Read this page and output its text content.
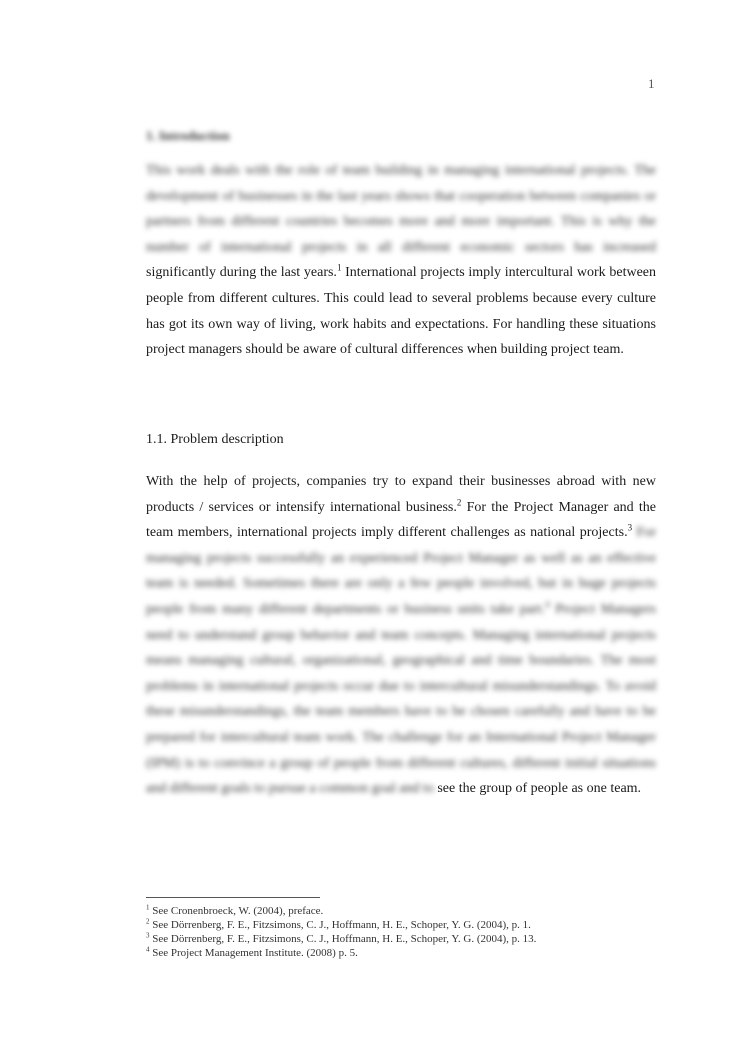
1
1. Introduction

This work deals with the role of team building in managing international projects. The development of businesses in the last years shows that cooperation between companies or partners from different countries becomes more and more important. This is why the number of international projects in all different economic sectors has increased significantly during the last years.$^1$ International projects imply intercultural work between people from different cultures. This could lead to several problems because every culture has got its own way of living, work habits and expectations. For handling these situations project managers should be aware of cultural differences when building project team.

1.1. Problem description

With the help of projects, companies try to expand their businesses abroad with new products / services or intensify international business.$^2$ For the Project Manager and the team members, international projects imply different challenges as national projects.$^3$ For managing projects successfully an experienced Project Manager as well as an effective team is needed. Sometimes there are only a few people involved, but in huge projects people from many different departments or business units take part.$^4$ Project Managers need to understand group behavior and team concepts. Managing international projects means managing cultural, organizational, geographical and time boundaries. The most problems in international projects occur due to intercultural misunderstandings. To avoid these misunderstandings, the team members have to be chosen carefully and have to be prepared for intercultural team work. The challenge for an International Project Manager (IPM) is to convince a group of people from different cultures, different initial situations and different goals to pursue a common goal and to see the group of people as one team.

$^1$ See Cronenbroeck, W. (2004), preface.
$^2$ See Dörrenberg, F. E., Fitzsimons, C. J., Hoffmann, H. E., Schoper, Y. G. (2004), p. 1.
$^3$ See Dörrenberg, F. E., Fitzsimons, C. J., Hoffmann, H. E., Schoper, Y. G. (2004), p. 13.
$^4$ See Project Management Institute. (2008) p. 5.
